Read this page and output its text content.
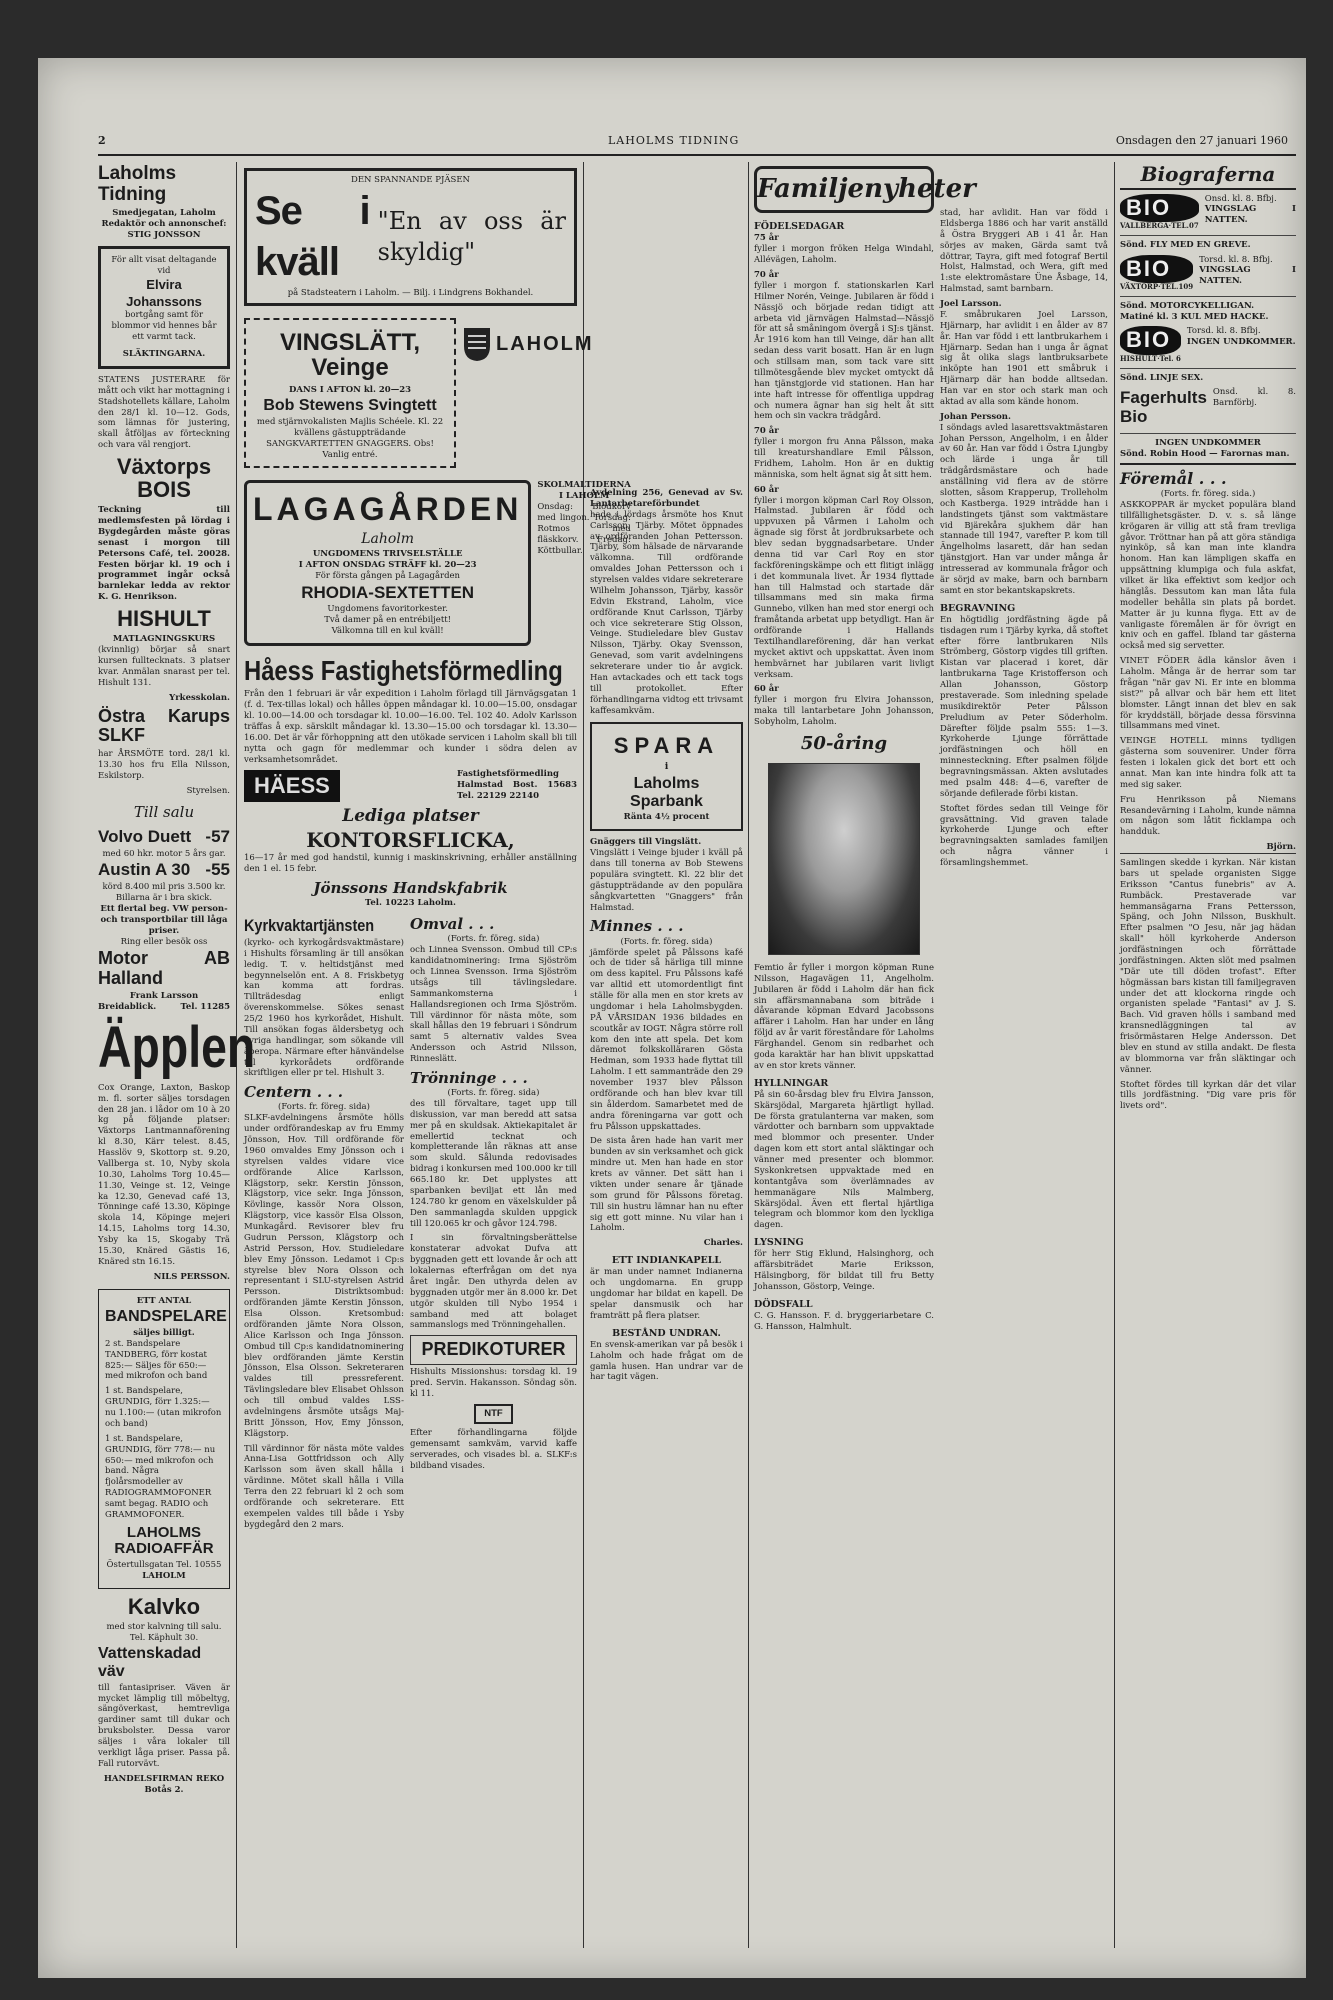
2	LAHOLMS TIDNING	Onsdagen den 27 januari 1960
Laholms Tidning
Smedjegatan, Laholm
Redaktör och annonschef:
STIG JONSSON
För allt visat deltagande vid
Elvira Johanssons
bortgång samt för blommor vid hennes bår ett varmt tack.
SLÄKTINGARNA.

STATENS JUSTERARE för mått och vikt har mottagning i Stadshotellets källare, Laholm den 28/1 kl. 10—12. Gods, som lämnas för justering, skall åtföljas av förteckning och vara väl rengjort.

Växtorps BOIS

Teckning till medlemsfesten på lördag i Bygdegården måste göras senast i morgon till Petersons Café, tel. 20028. Festen börjar kl. 19 och i programmet ingår också barnlekar ledda av rektor K. G. Henrikson.

HISHULT
MATLAGNINGSKURS

(kvinnlig) börjar så snart kursen fulltecknats. 3 platser kvar. Anmälan snarast per tel. Hishult 131.

Yrkesskolan.
Östra Karups SLKF

har ÅRSMÖTE tord. 28/1 kl. 13.30 hos fru Ella Nilsson, Eskilstorp.

Styrelsen.
Till salu
Volvo Duett -57
med 60 hkr. motor 5 års gar.
Austin A 30 -55
körd 8.400 mil pris 3.500 kr.
Billarna är i bra skick.
Ett flertal beg. VW person- och transportbilar till låga priser.
Ring eller besök oss
Motor AB Halland
Frank Larsson
Breidablick.	Tel. 11285
Äpplen

Cox Orange, Laxton, Baskop m. fl. sorter säljes torsdagen den 28 jan. i lådor om 10 à 20 kg på följande platser: Växtorps Lantmannaförening kl 8.30, Kärr telest. 8.45, Hasslöv 9, Skottorp st. 9.20, Vallberga st. 10, Nyby skola 10.30, Laholms Torg 10.45—11.30, Veinge st. 12, Veinge ka 12.30, Genevad café 13, Tönninge café 13.30, Köpinge skola 14, Köpinge mejeri 14.15, Laholms torg 14.30, Ysby ka 15, Skogaby Trä 15.30, Knäred Gästis 16, Knäred stn 16.15.

NILS PERSSON.
ETT ANTAL
BANDSPELARE
säljes billigt.

2 st. Bandspelare TANDBERG, förr kostat 825:— Säljes för 650:— med mikrofon och band

1 st. Bandspelare, GRUNDIG, förr 1.325:— nu 1.100:— (utan mikrofon och band)

1 st. Bandspelare, GRUNDIG, förr 778:— nu 650:— med mikrofon och band. Några fjolårsmodeller av RADIOGRAMMOFONER samt begag. RADIO och GRAMMOFONER.

LAHOLMS RADIOAFFÄR
Östertullsgatan Tel. 10555
LAHOLM
Kalvko
med stor kalvning till salu. Tel. Käphult 30.
Vattenskadad väv

till fantasipriser. Väven är mycket lämplig till möbeltyg, sängöverkast, hemtrevliga gardiner samt till dukar och bruksbolster. Dessa varor säljes i våra lokaler till verkligt låga priser. Passa på. Fall rutorvävt.

HANDELSFIRMAN REKO Botås 2.
DEN SPANNANDE PJÄSEN
Se i kväll
"En av oss är skyldig"
på Stadsteatern i Laholm. — Bilj. i Lindgrens Bokhandel.
VINGSLÄTT, Veinge
DANS I AFTON kl. 20—23
Bob Stewens Svingtett
med stjärnvokalisten Majlis Schéele. Kl. 22 kvällens gästuppträdande SANGKVARTETTEN GNAGGERS. Obs! Vanlig entré.
LAHOLM
LAGAGÅRDEN
Laholm
UNGDOMENS TRIVSELSTÄLLE
I AFTON ONSDAG STRÄFF kl. 20—23
För första gången på Lagagården
RHODIA-SEXTETTEN
Ungdomens favoritorkester.
Två damer på en entrébiljett!
Välkomna till en kul kväll!
SKOLMALTIDERNA I LAHOLM

Onsdag: Blodkorv med lingon. Torsdag: Rotmos med fläskkorv. Fredag: Köttbullar.

Håess Fastighetsförmedling

Från den 1 februari är vår expedition i Laholm förlagd till Järnvägsgatan 1 (f. d. Tex-tillas lokal) och hålles öppen måndagar kl. 10.00—15.00, onsdagar kl. 10.00—14.00 och torsdagar kl. 10.00—16.00. Tel. 102 40. Adolv Karlsson träffas å exp. särskilt måndagar kl. 13.30—15.00 och torsdagar kl. 13.30—16.00. Det är vår förhoppning att den utökade servicen i Laholm skall bli till nytta och gagn för medlemmar och kunder i södra delen av verksamhetsområdet.

HÄESS	Fastighetsförmedling Halmstad Bost. 15683 Tel. 22129 22140
Lediga platser
KONTORSFLICKA,

16—17 år med god handstil, kunnig i maskinskrivning, erhåller anställning den 1 el. 15 febr.

Jönssons Handskfabrik
Tel. 10223 Laholm.
Kyrkvaktartjänsten

(kyrko- och kyrkogårdsvaktmästare) i Hishults församling är till ansökan ledig. T. v. heltidstjänst med begynnelselön ent. A 8. Friskbetyg kan komma att fordras. Tillträdesdag enligt överenskommelse. Sökes senast 25/2 1960 hos kyrkorådet, Hishult. Till ansökan fogas äldersbetyg och övriga handlingar, som sökande vill åberopa. Närmare efter hänvändelse till kyrkorådets ordförande skriftligen eller pr tel. Hishult 3.

Centern . . .
(Forts. fr. föreg. sida)

SLKF-avdelningens årsmöte hölls under ordförandeskap av fru Emmy Jönsson, Hov. Till ordförande för 1960 omvaldes Emy Jönsson och i styrelsen valdes vidare vice ordförande Alice Karlsson, Klägstorp, sekr. Kerstin Jönsson, Klägstorp, vice sekr. Inga Jönsson, Kövlinge, kassör Nora Olsson, Klägstorp, vice kassör Elsa Olsson, Munkagård. Revisorer blev fru Gudrun Persson, Klägstorp och Astrid Persson, Hov. Studieledare blev Emy Jönsson. Ledamot i Cp:s styrelse blev Nora Olsson och representant i SLU-styrelsen Astrid Persson. Distriktsombud: ordföranden jämte Kerstin Jönsson, Elsa Olsson. Kretsombud: ordföranden jämte Nora Olsson, Alice Karlsson och Inga Jönsson. Ombud till Cp:s kandidatnominering blev ordföranden jämte Kerstin Jönsson, Elsa Olsson. Sekreteraren valdes till pressreferent. Tävlingsledare blev Elisabet Ohlsson och till ombud valdes LSS-avdelningens årsmöte utsågs Maj-Britt Jönsson, Hov, Emy Jönsson, Klägstorp.

Till värdinnor för nästa möte valdes Anna-Lisa Gottfridsson och Ally Karlsson som även skall hålla i värdinne. Mötet skall hålla i Villa Terra den 22 februari kl 2 och som ordförande och sekreterare. Ett exempelen valdes till både i Ysby bygdegård den 2 mars.

Omval . . .
(Forts. fr. föreg. sida)

och Linnea Svensson. Ombud till CP:s kandidatnominering: Irma Sjöström och Linnea Svensson. Irma Sjöström utsågs till tävlingsledare. Sammankomsterna i Hallandsregionen och Irma Sjöström. Till värdinnor för nästa möte, som skall hållas den 19 februari i Söndrum samt 5 alternativ valdes Svea Andersson och Astrid Nilsson, Rinneslätt.

Trönninge . . .
(Forts. fr. föreg. sida)

des till förvaltare, taget upp till diskussion, var man beredd att satsa mer på en skuldsak. Aktiekapitalet är emellertid tecknat och kompletterande lån räknas att anse som skuld. Sålunda redovisades bidrag i konkursen med 100.000 kr till 665.180 kr. Det upplystes att sparbanken beviljat ett lån med 124.780 kr genom en växelskulder på Den sammanlagda skulden uppgick till 120.065 kr och gåvor 124.798.

I sin förvaltningsberättelse konstaterar advokat Dufva att byggnaden gett ett lovande år och att lokalernas efterfrågan om det nya året ingår. Den uthyrda delen av byggnaden utgör mer än 8.000 kr. Det utgör skulden till Nybo 1954 i samband med att bolaget sammanslogs med Trönningehallen.

PREDIKOTURER

Hishults Missionshus: torsdag kl. 19 pred. Servin. Hakansson. Söndag sön. kl 11.

NTF

Efter förhandlingarna följde gemensamt samkväm, varvid kaffe serverades, och visades bl. a. SLKF:s bildband visades.

SPARA
i
Laholms Sparbank
Ränta 4½ procent
Gnäggers till Vingslätt.

Vingslätt i Veinge bjuder i kväll på dans till tonerna av Bob Stewens populära svingtett. Kl. 22 blir det gästuppträdande av den populära sångkvartetten "Gnaggers" från Halmstad.

Minnes . . .
(Forts. fr. föreg. sida)

jämförde spelet på Pålssons kafé och de tider så härliga till minne om dess kapitel. Fru Pålssons kafé var alltid ett utomordentligt fint ställe för alla men en stor krets av ungdomar i hela Laholmsbygden. PÅ VÅRSIDAN 1936 bildades en scoutkår av IOGT. Några större roll kom den inte att spela. Det kom däremot folkskolläraren Gösta Hedman, som 1933 hade flyttat till Laholm. I ett sammanträde den 29 november 1937 blev Pålsson ordförande och han blev kvar till sin ålderdom. Samarbetet med de andra föreningarna var gott och fru Pålsson uppskattades.

De sista åren hade han varit mer bunden av sin verksamhet och gick mindre ut. Men han hade en stor krets av vänner. Det sätt han i vikten under senare år tjänade som grund för Pålssons företag. Till sin hustru lämnar han nu efter sig ett gott minne. Nu vilar han i Laholm.

Charles.
ETT INDIANKAPELL

är man under namnet Indianerna och ungdomarna. En grupp ungdomar har bildat en kapell. De spelar dansmusik och har framträtt på flera platser.

BESTÅND UNDRAN.

En svensk-amerikan var på besök i Laholm och hade frågat om de gamla husen. Han undrar var de har tagit vägen.

Avdelning 256, Genevad av Sv. Lantarbetareförbundet

hade i lördags årsmöte hos Knut Carlsson, Tjärby. Mötet öppnades av ordföranden Johan Pettersson. Tjärby, som hälsade de närvarande välkomna. Till ordförande omvaldes Johan Pettersson och i styrelsen valdes vidare sekreterare Wilhelm Johansson, Tjärby, kassör Edvin Ekstrand, Laholm, vice ordförande Knut Carlsson, Tjärby och vice sekreterare Stig Olsson, Veinge. Studieledare blev Gustav Nilsson, Tjärby. Okay Svensson, Genevad, som varit avdelningens sekreterare under tio år avgick. Han avtackades och ett tack togs till protokollet. Efter förhandlingarna vidtog ett trivsamt kaffesamkväm.

Familjenyheter
FÖDELSEDAGAR
75 år

fyller i morgon fröken Helga Windahl, Allévägen, Laholm.

70 år

fyller i morgon f. stationskarlen Karl Hilmer Norén, Veinge. Jubilaren är född i Nässjö och började redan tidigt att arbeta vid järnvägen Halmstad—Nässjö för att så småningom övergå i SJ:s tjänst. År 1916 kom han till Veinge, där han allt sedan dess varit bosatt. Han är en lugn och stillsam man, som tack vare sitt tillmötesgående blev mycket omtyckt då han tjänstgjorde vid stationen. Han har inte haft intresse för offentliga uppdrag och numera ägnar han sig helt åt sitt hem och sin vackra trädgård.

70 år

fyller i morgon fru Anna Pålsson, maka till kreaturshandlare Emil Pålsson, Fridhem, Laholm. Hon är en duktig människa, som helt ägnat sig åt sitt hem.

60 år

fyller i morgon köpman Carl Roy Olsson, Halmstad. Jubilaren är född och uppvuxen på Vårmen i Laholm och ägnade sig först åt jordbruksarbete och blev sedan byggnadsarbetare. Under denna tid var Carl Roy en stor fackföreningskämpe och ett flitigt inlägg i det kommunala livet. År 1934 flyttade han till Halmstad och startade där tillsammans med sin maka firma Gunnebo, vilken han med stor energi och framåtanda arbetat upp betydligt. Han är ordförande i Hallands Textilhandlareförening, där han verkat mycket aktivt och uppskattat. Även inom hembvärnet har jubilaren varit livligt verksam.

60 år

fyller i morgon fru Elvira Johansson, maka till lantarbetare John Johansson, Sobyholm, Laholm.

50-åring

Femtio år fyller i morgon köpman Rune Nilsson, Hagavägen 11, Angelholm. Jubilaren är född i Laholm där han fick sin affärsmannabana som biträde i dåvarande köpman Edvard Jacobssons affärer i Laholm. Han har under en lång följd av år varit föreståndare för Laholms Färghandel. Genom sin redbarhet och goda karaktär har han blivit uppskattad av en stor krets vänner.

HYLLNINGAR

På sin 60-årsdag blev fru Elvira Jansson, Skärsjödal, Margareta hjärtligt hyllad. De första gratulanterna var maken, som värdotter och barnbarn som uppvaktade med blommor och presenter. Under dagen kom ett stort antal släktingar och vänner med presenter och blommor. Syskonkretsen uppvaktade med en kontantgåva som överlämnades av hemmanägare Nils Malmberg, Skärsjödal. Även ett flertal hjärtliga telegram och blommor kom den lyckliga dagen.

LYSNING

för herr Stig Eklund, Halsinghorg, och affärsbiträdet Marie Eriksson, Hälsingborg, för bildat till fru Betty Johansson, Göstorp, Veinge.

DÖDSFALL

C. G. Hansson. F. d. bryggeriarbetare C. G. Hansson, Halmhult.

stad, har avlidit. Han var född i Eldsberga 1886 och har varit anställd å Östra Bryggeri AB i 41 år. Han sörjes av maken, Gärda samt två döttrar, Tayra, gift med fotograf Bertil Holst, Halmstad, och Wera, gift med 1:ste elektromästare Üne Åsbage, 14, Halmstad, samt barnbarn.

Joel Larsson.

F. småbrukaren Joel Larsson, Hjärnarp, har avlidit i en ålder av 87 år. Han var född i ett lantbrukarhem i Hjärnarp. Sedan han i unga år ägnat sig åt olika slags lantbruksarbete inköpte han 1901 ett småbruk i Hjärnarp där han bodde alltsedan. Han var en stor och stark man och aktad av alla som kände honom.

Johan Persson.

I söndags avled lasarettsvaktmästaren Johan Persson, Angelholm, i en ålder av 60 år. Han var född i Östra Ljungby och lärde i unga år till trädgårdsmästare och hade anställning vid flera av de större slotten, såsom Krapperup, Trolleholm och Kastberga. 1929 inträdde han i landstingets tjänst som vaktmästare vid Bjärekåra sjukhem där han stannade till 1947, varefter P. kom till Ängelholms lasarett, där han sedan tjänstgjort. Han var under många år intresserad av kommunala frågor och är sörjd av make, barn och barnbarn samt en stor bekantskapskrets.

BEGRAVNING

En högtidlig jordfästning ägde på tisdagen rum i Tjärby kyrka, då stoftet efter förre lantbrukaren Nils Strömberg, Göstorp vigdes till griften. Kistan var placerad i koret, där lantbrukarna Tage Kristofferson och Allan Johansson, Göstorp prestaverade. Som inledning spelade musikdirektör Peter Pålsson Preludium av Peter Söderholm. Därefter följde psalm 555: 1—3. Kyrkoherde Ljunge förrättade jordfästningen och höll en minnesteckning. Efter psalmen följde begravningsmässan. Akten avslutades med psalm 448: 4—6, varefter de sörjande defilerade förbi kistan.

Stoftet fördes sedan till Veinge för gravsättning. Vid graven talade kyrkoherde Ljunge och efter begravningsakten samlades familjen och några vänner i församlingshemmet.

Biograferna
BIO
VALLBERGA·TEL.07
Onsd. kl. 8. Bfbj.
VINGSLAG I NATTEN.
Sönd. FLY MED EN GREVE.
BIO
VÄXTORP·TEL.109
Torsd. kl. 8. Bfbj.
VINGSLAG I NATTEN.
Sönd. MOTORCYKELLIGAN.
Matiné kl. 3 KUL MED HACKE.
BIO
HISHULT·Tel. 6
Torsd. kl. 8. Bfbj.
INGEN UNDKOMMER.
Sönd. LINJE SEX.
Fagerhults Bio
Onsd. kl. 8. Barnförbj.
INGEN UNDKOMMER
Sönd. Robin Hood — Farornas man.
Föremål . . .
(Forts. fr. föreg. sida.)

ASKKOPPAR är mycket populära bland tillfällighetsgäster. D. v. s. så länge krögaren är villig att stå fram trevliga gåvor. Tröttnar han på att göra ständiga nyinköp, så kan man inte klandra honom. Han kan lämpligen skaffa en uppsättning klumpiga och fula askfat, vilket är lika effektivt som kedjor och hänglås. Dessutom kan man låta fula modeller behålla sin plats på bordet. Matter är ju kunna flyga. Ett av de vanligaste föremålen är för övrigt en kniv och en gaffel. Ibland tar gästerna också med sig servetter.

VINET FÖDER ädla känslor även i Laholm. Många är de herrar som tar frågan "när gav Ni. Er inte en blomma sist?" på allvar och bär hem ett litet blomster. Längt innan det blev en sak för kryddställ, började dessa försvinna tillsammans med vinet.

VEINGE HOTELL minns tydligen gästerna som souvenirer. Under förra festen i lokalen gick det bort ett och annat. Man kan inte hindra folk att ta med sig saker.

Fru Henriksson på Niemans Resandevärning i Laholm, kunde nämna om någon som låtit ficklampa och handduk.

Björn.

Samlingen skedde i kyrkan. När kistan bars ut spelade organisten Sigge Eriksson "Cantus funebris" av A. Rumbäck. Prestaverade var hemmansägarna Frans Pettersson, Späng, och John Nilsson, Buskhult. Efter psalmen "O Jesu, när jag hädan skall" höll kyrkoherde Anderson jordfästningen och förrättade jordfästningen. Akten slöt med psalmen "Där ute till döden trofast". Efter högmässan bars kistan till familjegraven under det att klockorna ringde och organisten spelade "Fantasi" av J. S. Bach. Vid graven hölls i samband med kransnedläggningen tal av frisörmästaren Helge Andersson. Det blev en stund av stilla andakt. De flesta av blommorna var från släktingar och vänner.

Stoftet fördes till kyrkan där det vilar tills jordfästning. "Dig vare pris för livets ord".
